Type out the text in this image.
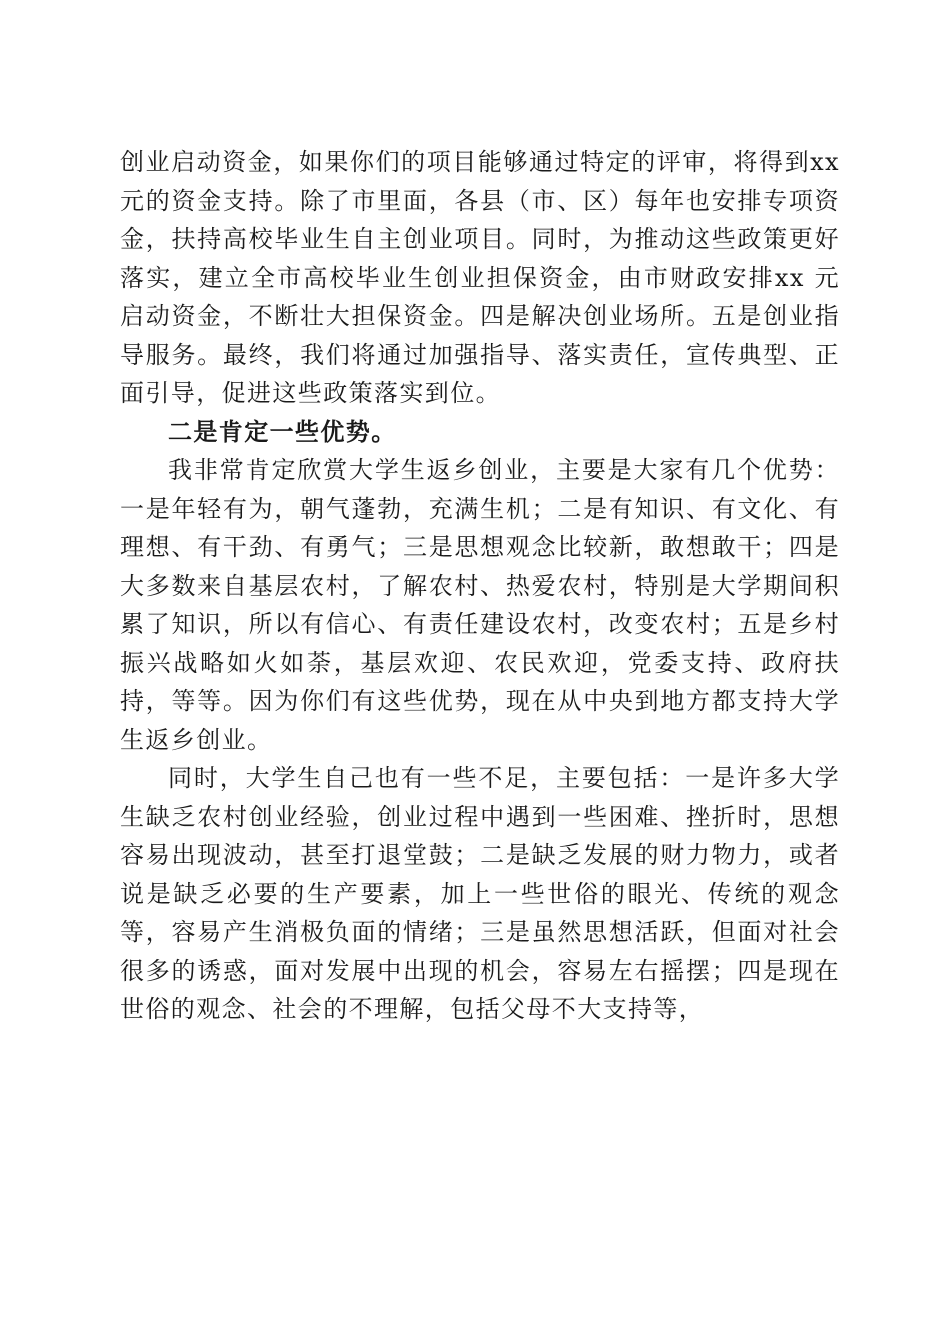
创业启动资金，如果你们的项目能够通过特定的评审，将得到xx 元的资金支持。除了市里面，各县（市、区）每年也安排专项资金，扶持高校毕业生自主创业项目。同时，为推动这些政策更好落实，建立全市高校毕业生创业担保资金，由市财政安排xx 元启动资金，不断壮大担保资金。四是解决创业场所。五是创业指导服务。最终，我们将通过加强指导、落实责任，宣传典型、正面引导，促进这些政策落实到位。

二是肯定一些优势。

我非常肯定欣赏大学生返乡创业，主要是大家有几个优势：一是年轻有为，朝气蓬勃，充满生机；二是有知识、有文化、有理想、有干劲、有勇气；三是思想观念比较新，敢想敢干；四是大多数来自基层农村，了解农村、热爱农村，特别是大学期间积累了知识，所以有信心、有责任建设农村，改变农村；五是乡村振兴战略如火如荼，基层欢迎、农民欢迎，党委支持、政府扶持，等等。因为你们有这些优势，现在从中央到地方都支持大学生返乡创业。

同时，大学生自己也有一些不足，主要包括：一是许多大学生缺乏农村创业经验，创业过程中遇到一些困难、挫折时，思想容易出现波动，甚至打退堂鼓；二是缺乏发展的财力物力，或者说是缺乏必要的生产要素，加上一些世俗的眼光、传统的观念等，容易产生消极负面的情绪；三是虽然思想活跃，但面对社会很多的诱惑，面对发展中出现的机会，容易左右摇摆；四是现在世俗的观念、社会的不理解，包括父母不大支持等，
